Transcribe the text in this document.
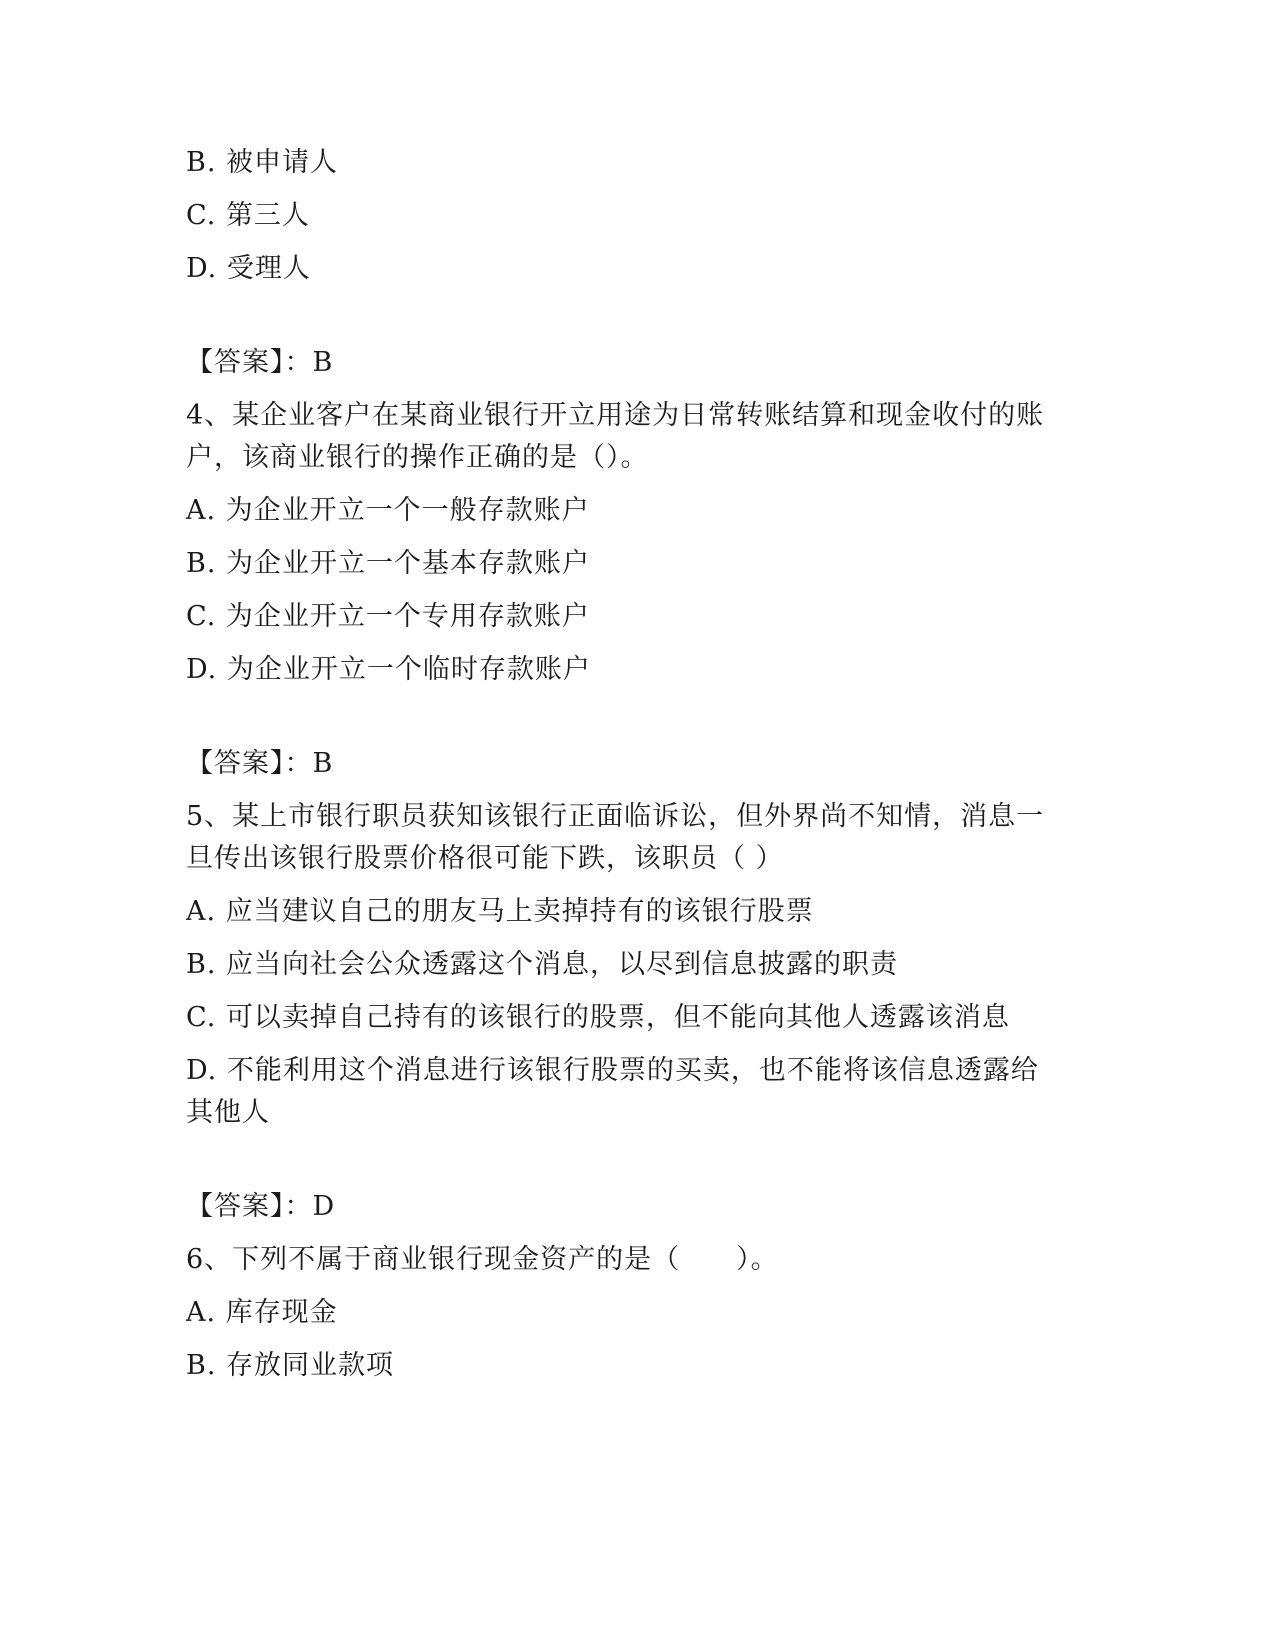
B. 被申请人
C. 第三人
D. 受理人
【答案】：B
4、某企业客户在某商业银行开立用途为日常转账结算和现金收付的账
户，该商业银行的操作正确的是（）。
A. 为企业开立一个一般存款账户
B. 为企业开立一个基本存款账户
C. 为企业开立一个专用存款账户
D. 为企业开立一个临时存款账户
【答案】：B
5、某上市银行职员获知该银行正面临诉讼，但外界尚不知情，消息一
旦传出该银行股票价格很可能下跌，该职员（ ）
A. 应当建议自己的朋友马上卖掉持有的该银行股票
B. 应当向社会公众透露这个消息，以尽到信息披露的职责
C. 可以卖掉自己持有的该银行的股票，但不能向其他人透露该消息
D. 不能利用这个消息进行该银行股票的买卖，也不能将该信息透露给
其他人
【答案】：D
6、下列不属于商业银行现金资产的是（　　）。
A. 库存现金
B. 存放同业款项
